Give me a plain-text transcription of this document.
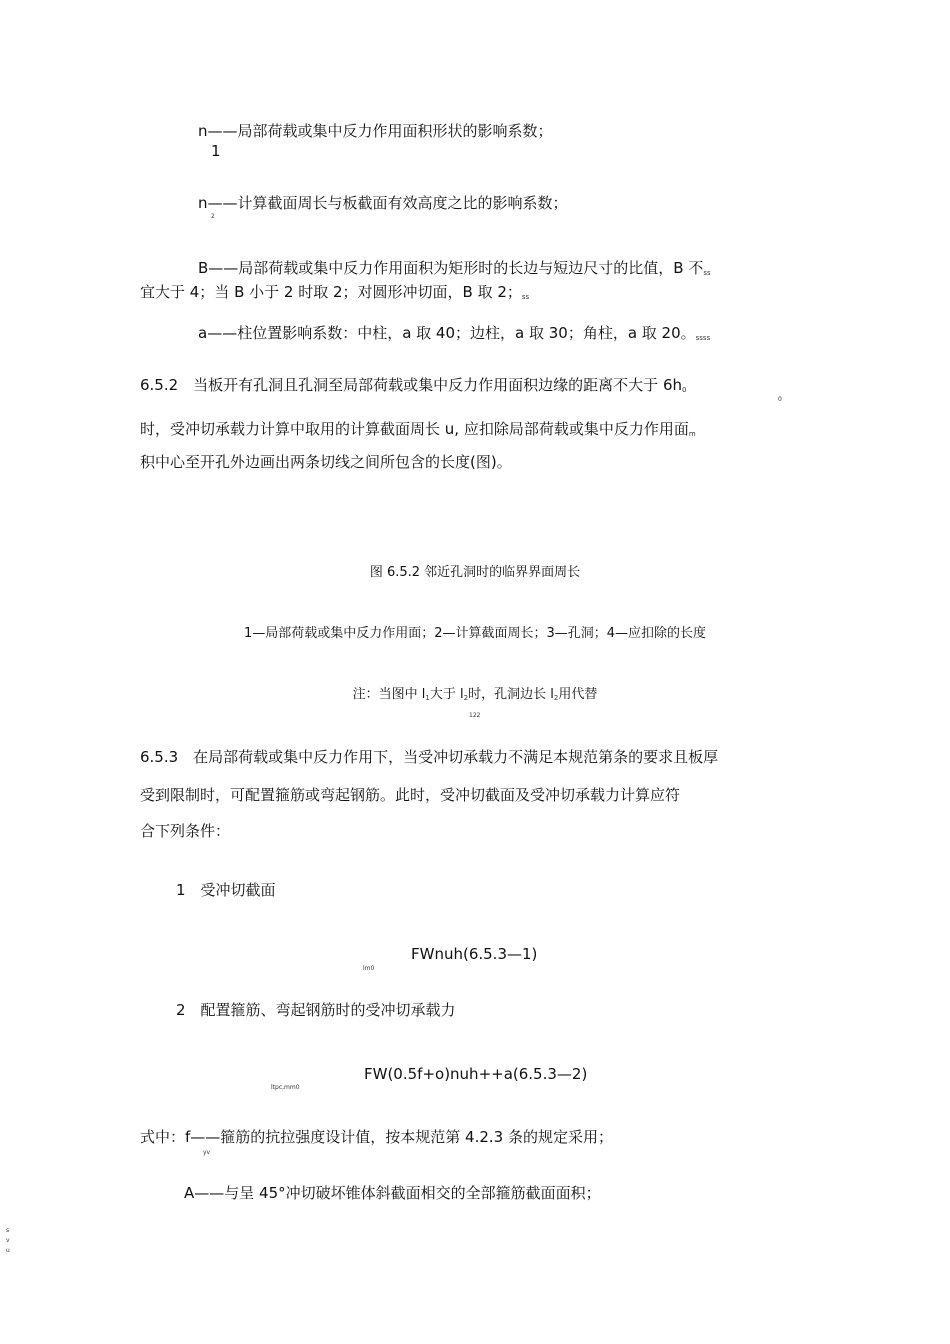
n——局部荷载或集中反力作用面积形状的影响系数；
1
n——计算截面周长与板截面有效高度之比的影响系数；
2
B——局部荷载或集中反力作用面积为矩形时的长边与短边尺寸的比值，B 不ss
宜大于 4；当 B 小于 2 时取 2；对圆形冲切面，B 取 2；ss
a——柱位置影响系数：中柱，a 取 40；边柱，a 取 30；角柱，a 取 20。ssss
6.5.2　当板开有孔洞且孔洞至局部荷载或集中反力作用面积边缘的距离不大于 6h0
0
时，受冲切承载力计算中取用的计算截面周长 u, 应扣除局部荷载或集中反力作用面m
积中心至开孔外边画出两条切线之间所包含的长度(图)。
图 6.5.2 邻近孔洞时的临界界面周长
1—局部荷载或集中反力作用面；2—计算截面周长；3—孔洞；4—应扣除的长度
注：当图中 l1大于 l2时，孔洞边长 l2用代替
122
6.5.3　在局部荷载或集中反力作用下，当受冲切承载力不满足本规范第条的要求且板厚
受到限制时，可配置箍筋或弯起钢筋。此时，受冲切截面及受冲切承载力计算应符
合下列条件：
1　受冲切截面
FWnuh(6.5.3—1)
lm0
2　配置箍筋、弯起钢筋时的受冲切承载力
FW(0.5f+o)nuh++a(6.5.3—2)
ltpc,mm0
式中：f——箍筋的抗拉强度设计值，按本规范第 4.2.3 条的规定采用；
yv
A——与呈 45°冲切破坏锥体斜截面相交的全部箍筋截面面积；
s
v
u
